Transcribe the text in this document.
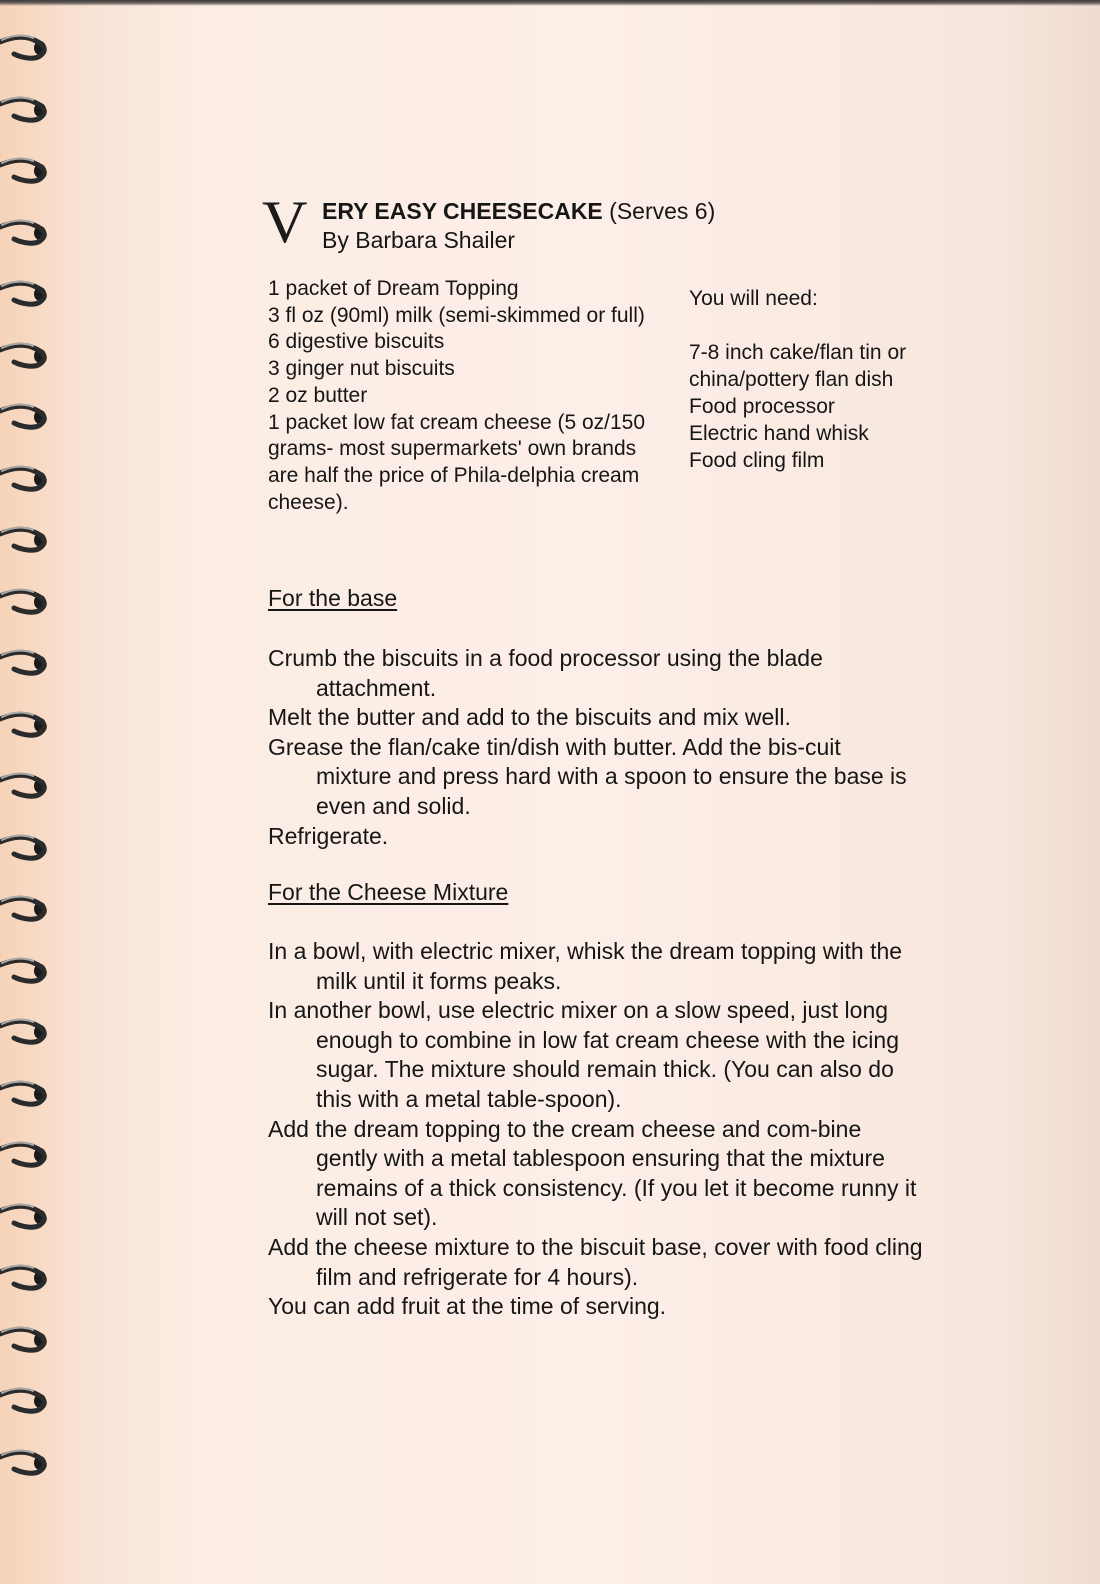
V ERY EASY CHEESECAKE (Serves 6)
By Barbara Shailer
1 packet of Dream Topping
3 fl oz (90ml) milk (semi-skimmed or full)
6 digestive biscuits
3 ginger nut biscuits
2 oz butter
1 packet low fat cream cheese (5 oz/150 grams- most supermarkets' own brands are half the price of Phila-delphia cream cheese).
You will need:
7-8 inch cake/flan tin or china/pottery flan dish
Food processor
Electric hand whisk
Food cling film
For the base
Crumb the biscuits in a food processor using the blade attachment.
Melt the butter and add to the biscuits and mix well.
Grease the flan/cake tin/dish with butter. Add the bis-cuit mixture and press hard with a spoon to ensure the base is even and solid.
Refrigerate.
For the Cheese Mixture
In a bowl, with electric mixer, whisk the dream topping with the milk until it forms peaks.
In another bowl, use electric mixer on a slow speed, just long enough to combine in low fat cream cheese with the icing sugar. The mixture should remain thick. (You can also do this with a metal table-spoon).
Add the dream topping to the cream cheese and com-bine gently with a metal tablespoon ensuring that the mixture remains of a thick consistency. (If you let it become runny it will not set).
Add the cheese mixture to the biscuit base, cover with food cling film and refrigerate for 4 hours).
You can add fruit at the time of serving.
